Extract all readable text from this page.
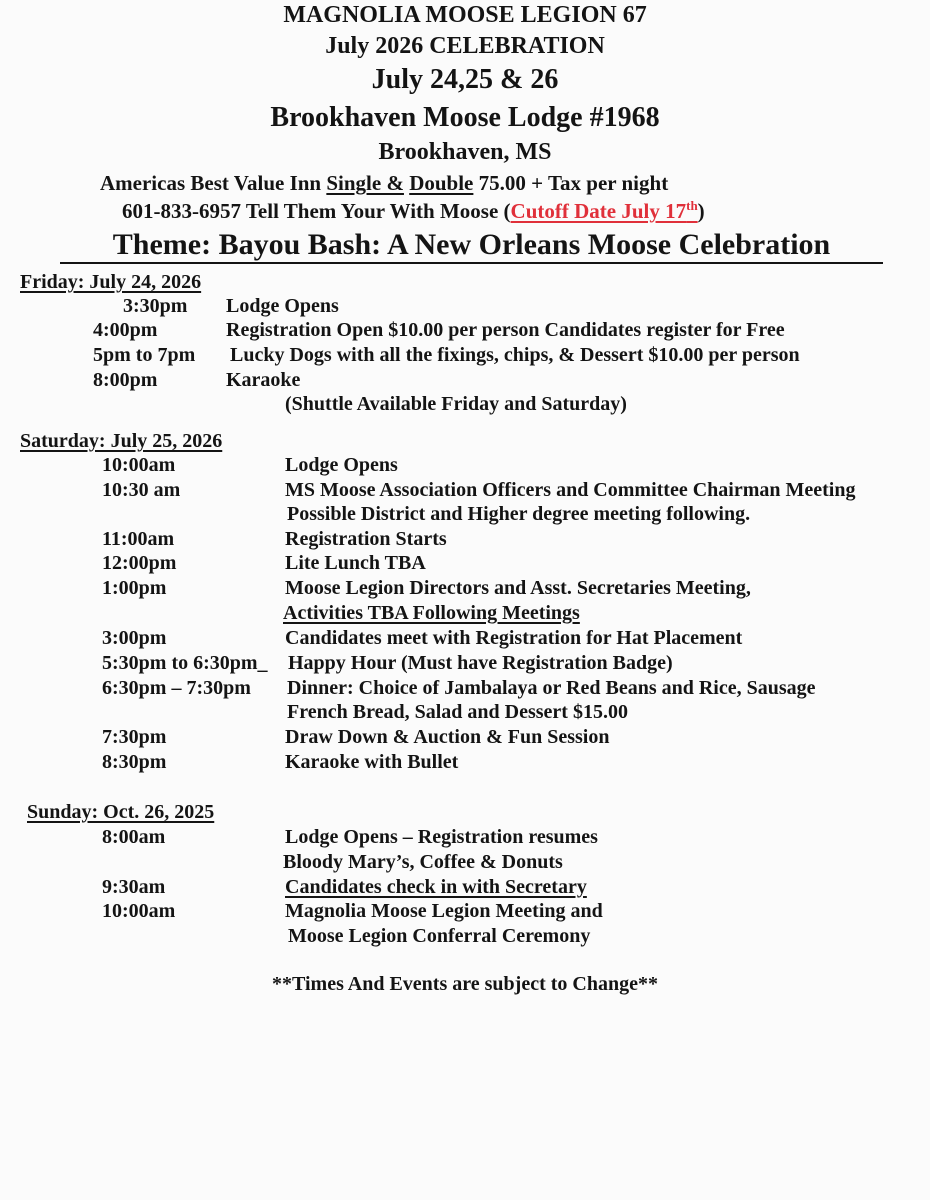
MAGNOLIA MOOSE LEGION 67
July 2026 CELEBRATION
July 24,25 & 26
Brookhaven Moose Lodge #1968
Brookhaven, MS
Americas Best Value Inn Single & Double 75.00 + Tax per night
601-833-6957 Tell Them Your With Moose (Cutoff Date July 17th)
Theme: Bayou Bash: A New Orleans Moose Celebration
Friday: July 24, 2026
3:30pm Lodge Opens
4:00pm	Registration Open $10.00 per person Candidates register for Free
5pm to 7pm Lucky Dogs with all the fixings, chips, & Dessert $10.00 per person
8:00pm	Karaoke
(Shuttle Available Friday and Saturday)
Saturday: July 25, 2026
10:00am	Lodge Opens
10:30 am	MS Moose Association Officers and Committee Chairman Meeting
Possible District and Higher degree meeting following.
11:00am	Registration Starts
12:00pm	Lite Lunch TBA
1:00pm	Moose Legion Directors and Asst. Secretaries Meeting,
Activities TBA Following Meetings
3:00pm	Candidates meet with Registration for Hat Placement
5:30pm to 6:30pm_ Happy Hour (Must have Registration Badge)
6:30pm – 7:30pm Dinner: Choice of Jambalaya or Red Beans and Rice, Sausage
French Bread, Salad and Dessert $15.00
7:30pm	Draw Down & Auction & Fun Session
8:30pm	Karaoke with Bullet
Sunday: Oct. 26, 2025
8:00am	Lodge Opens – Registration resumes
Bloody Mary’s, Coffee & Donuts
9:30am	Candidates check in with Secretary
10:00am	Magnolia Moose Legion Meeting and
Moose Legion Conferral Ceremony
**Times And Events are subject to Change**
